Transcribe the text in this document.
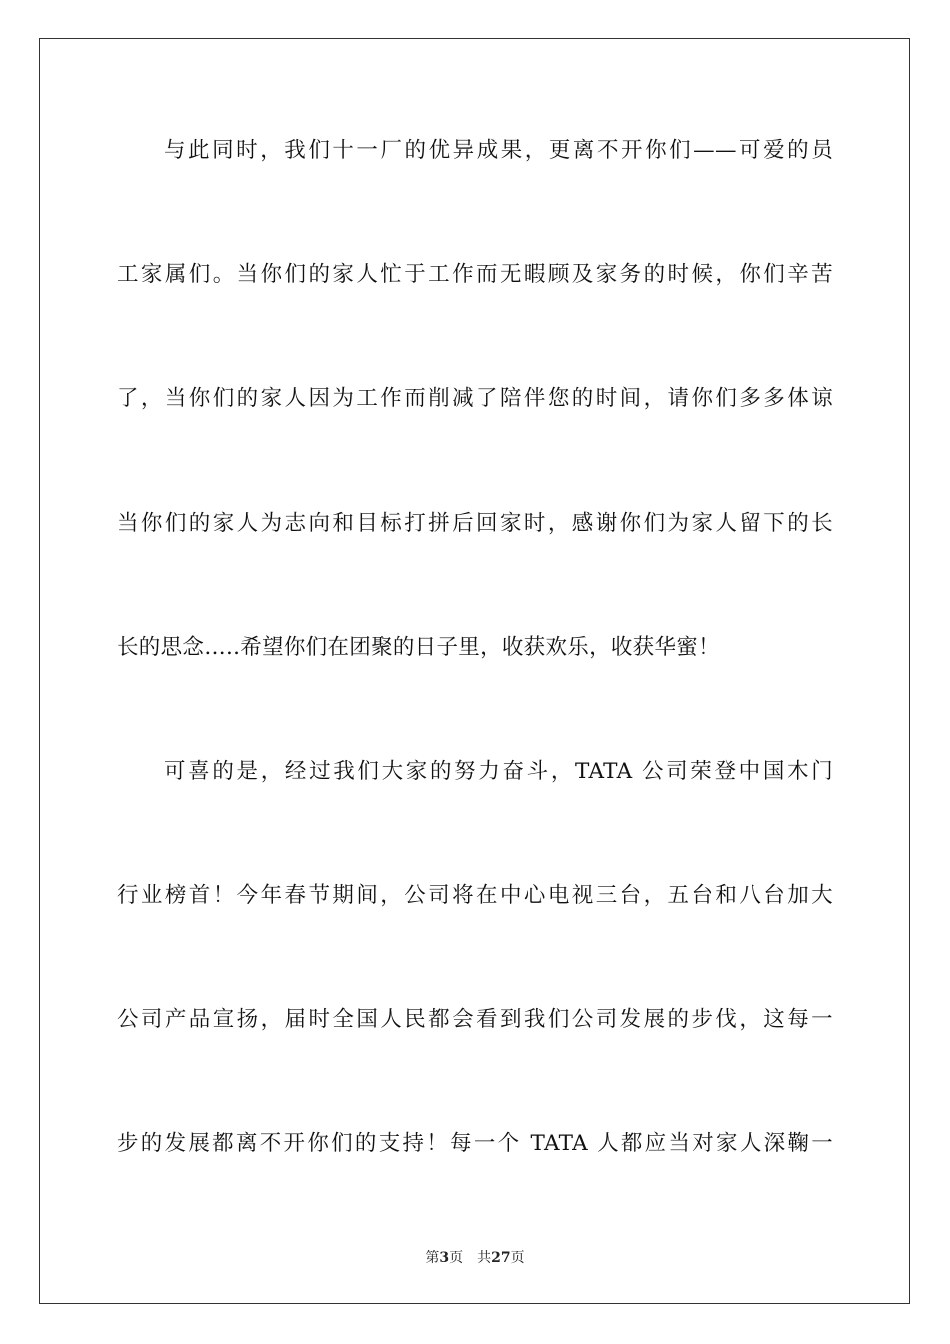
与此同时，我们十一厂的优异成果，更离不开你们——可爱的员
工家属们。当你们的家人忙于工作而无暇顾及家务的时候，你们辛苦
了，当你们的家人因为工作而削减了陪伴您的时间，请你们多多体谅
当你们的家人为志向和目标打拼后回家时，感谢你们为家人留下的长
长的思念…..希望你们在团聚的日子里，收获欢乐，收获华蜜！
可喜的是，经过我们大家的努力奋斗，TATA 公司荣登中国木门
行业榜首！今年春节期间，公司将在中心电视三台，五台和八台加大
公司产品宣扬，届时全国人民都会看到我们公司发展的步伐，这每一
步的发展都离不开你们的支持！每一个 TATA 人都应当对家人深鞠一
第3页 共27页
